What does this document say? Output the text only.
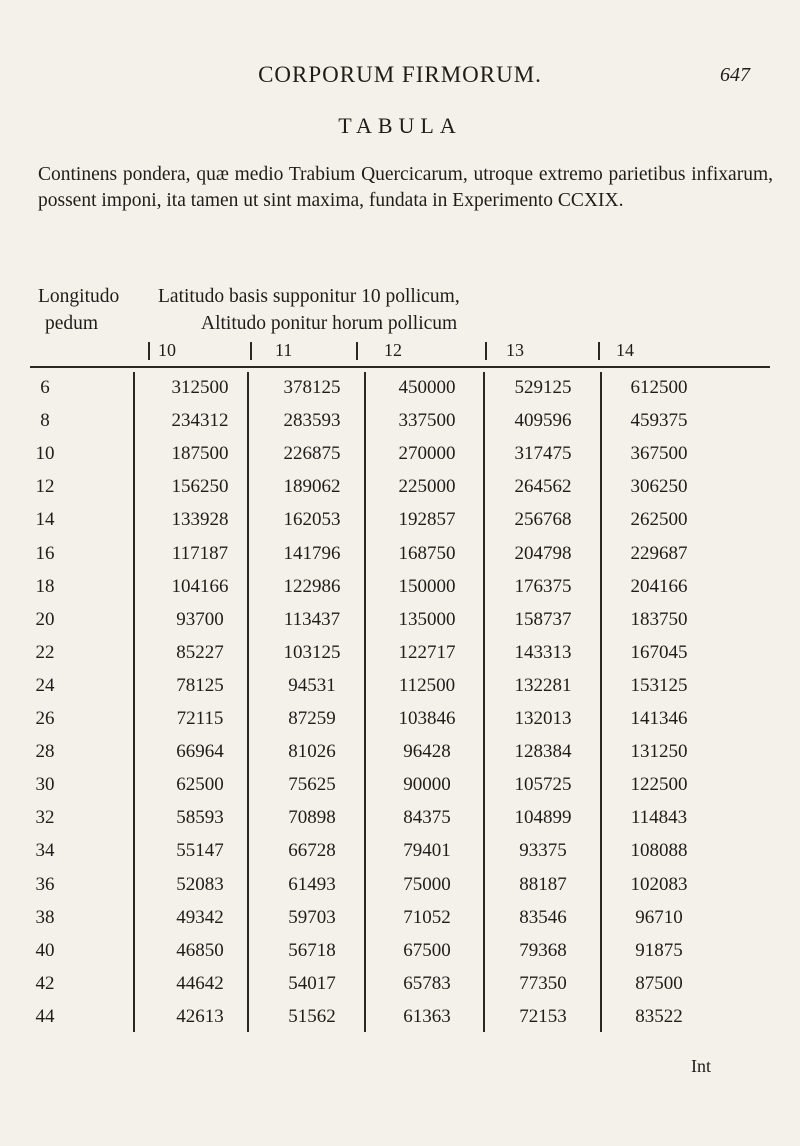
CORPORUM FIRMORUM.	647
TABULA
Continens pondera, quæ medio Trabium Quercicarum, utroque extremo parietibus infixarum, possent imponi, ita tamen ut sint maxima, fundata in Experimento CCXIX.
Longitudo
pedum
Latitudo basis supponitur 10 pollicum,
Altitudo ponitur horum pollicum
10	11	12	13	14
6	312500	378125	450000	529125	612500
8	234312	283593	337500	409596	459375
10	187500	226875	270000	317475	367500
12	156250	189062	225000	264562	306250
14	133928	162053	192857	256768	262500
16	117187	141796	168750	204798	229687
18	104166	122986	150000	176375	204166
20	93700	113437	135000	158737	183750
22	85227	103125	122717	143313	167045
24	78125	94531	112500	132281	153125
26	72115	87259	103846	132013	141346
28	66964	81026	96428	128384	131250
30	62500	75625	90000	105725	122500
32	58593	70898	84375	104899	114843
34	55147	66728	79401	93375	108088
36	52083	61493	75000	88187	102083
38	49342	59703	71052	83546	96710
40	46850	56718	67500	79368	91875
42	44642	54017	65783	77350	87500
44	42613	51562	61363	72153	83522
Int
